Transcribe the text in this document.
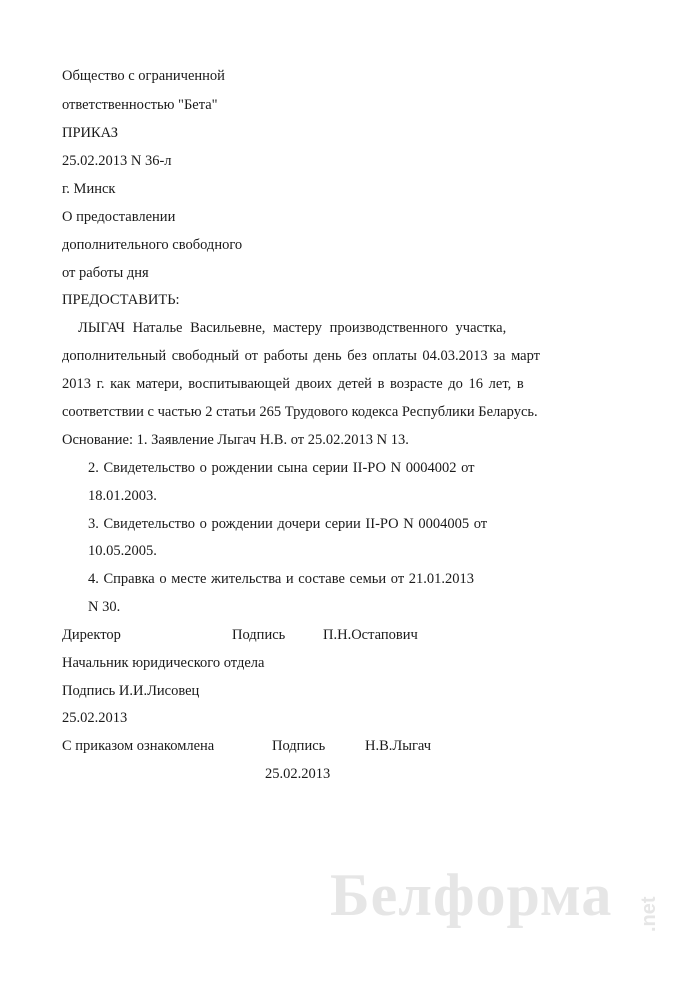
Общество с ограниченной
ответственностью "Бета"
ПРИКАЗ
25.02.2013 N 36-л
г. Минск
О предоставлении
дополнительного свободного
от работы дня
ПРЕДОСТАВИТЬ:
ЛЫГАЧ Наталье Васильевне, мастеру производственного участка,
дополнительный свободный от работы день без оплаты 04.03.2013 за март
2013 г. как матери, воспитывающей двоих детей в возрасте до 16 лет, в
соответствии с частью 2 статьи 265 Трудового кодекса Республики Беларусь.
Основание: 1. Заявление Лыгач Н.В. от 25.02.2013 N 13.
2. Свидетельство о рождении сына серии II-РО N 0004002 от
18.01.2003.
3. Свидетельство о рождении дочери серии II-РО N 0004005 от
10.05.2005.
4. Справка о месте жительства и составе семьи от 21.01.2013
N 30.
Директор	Подпись	П.Н.Остапович
Начальник юридического отдела
Подпись И.И.Лисовец
25.02.2013
С приказом ознакомлена	Подпись	Н.В.Лыгач
25.02.2013
Белформа .net
